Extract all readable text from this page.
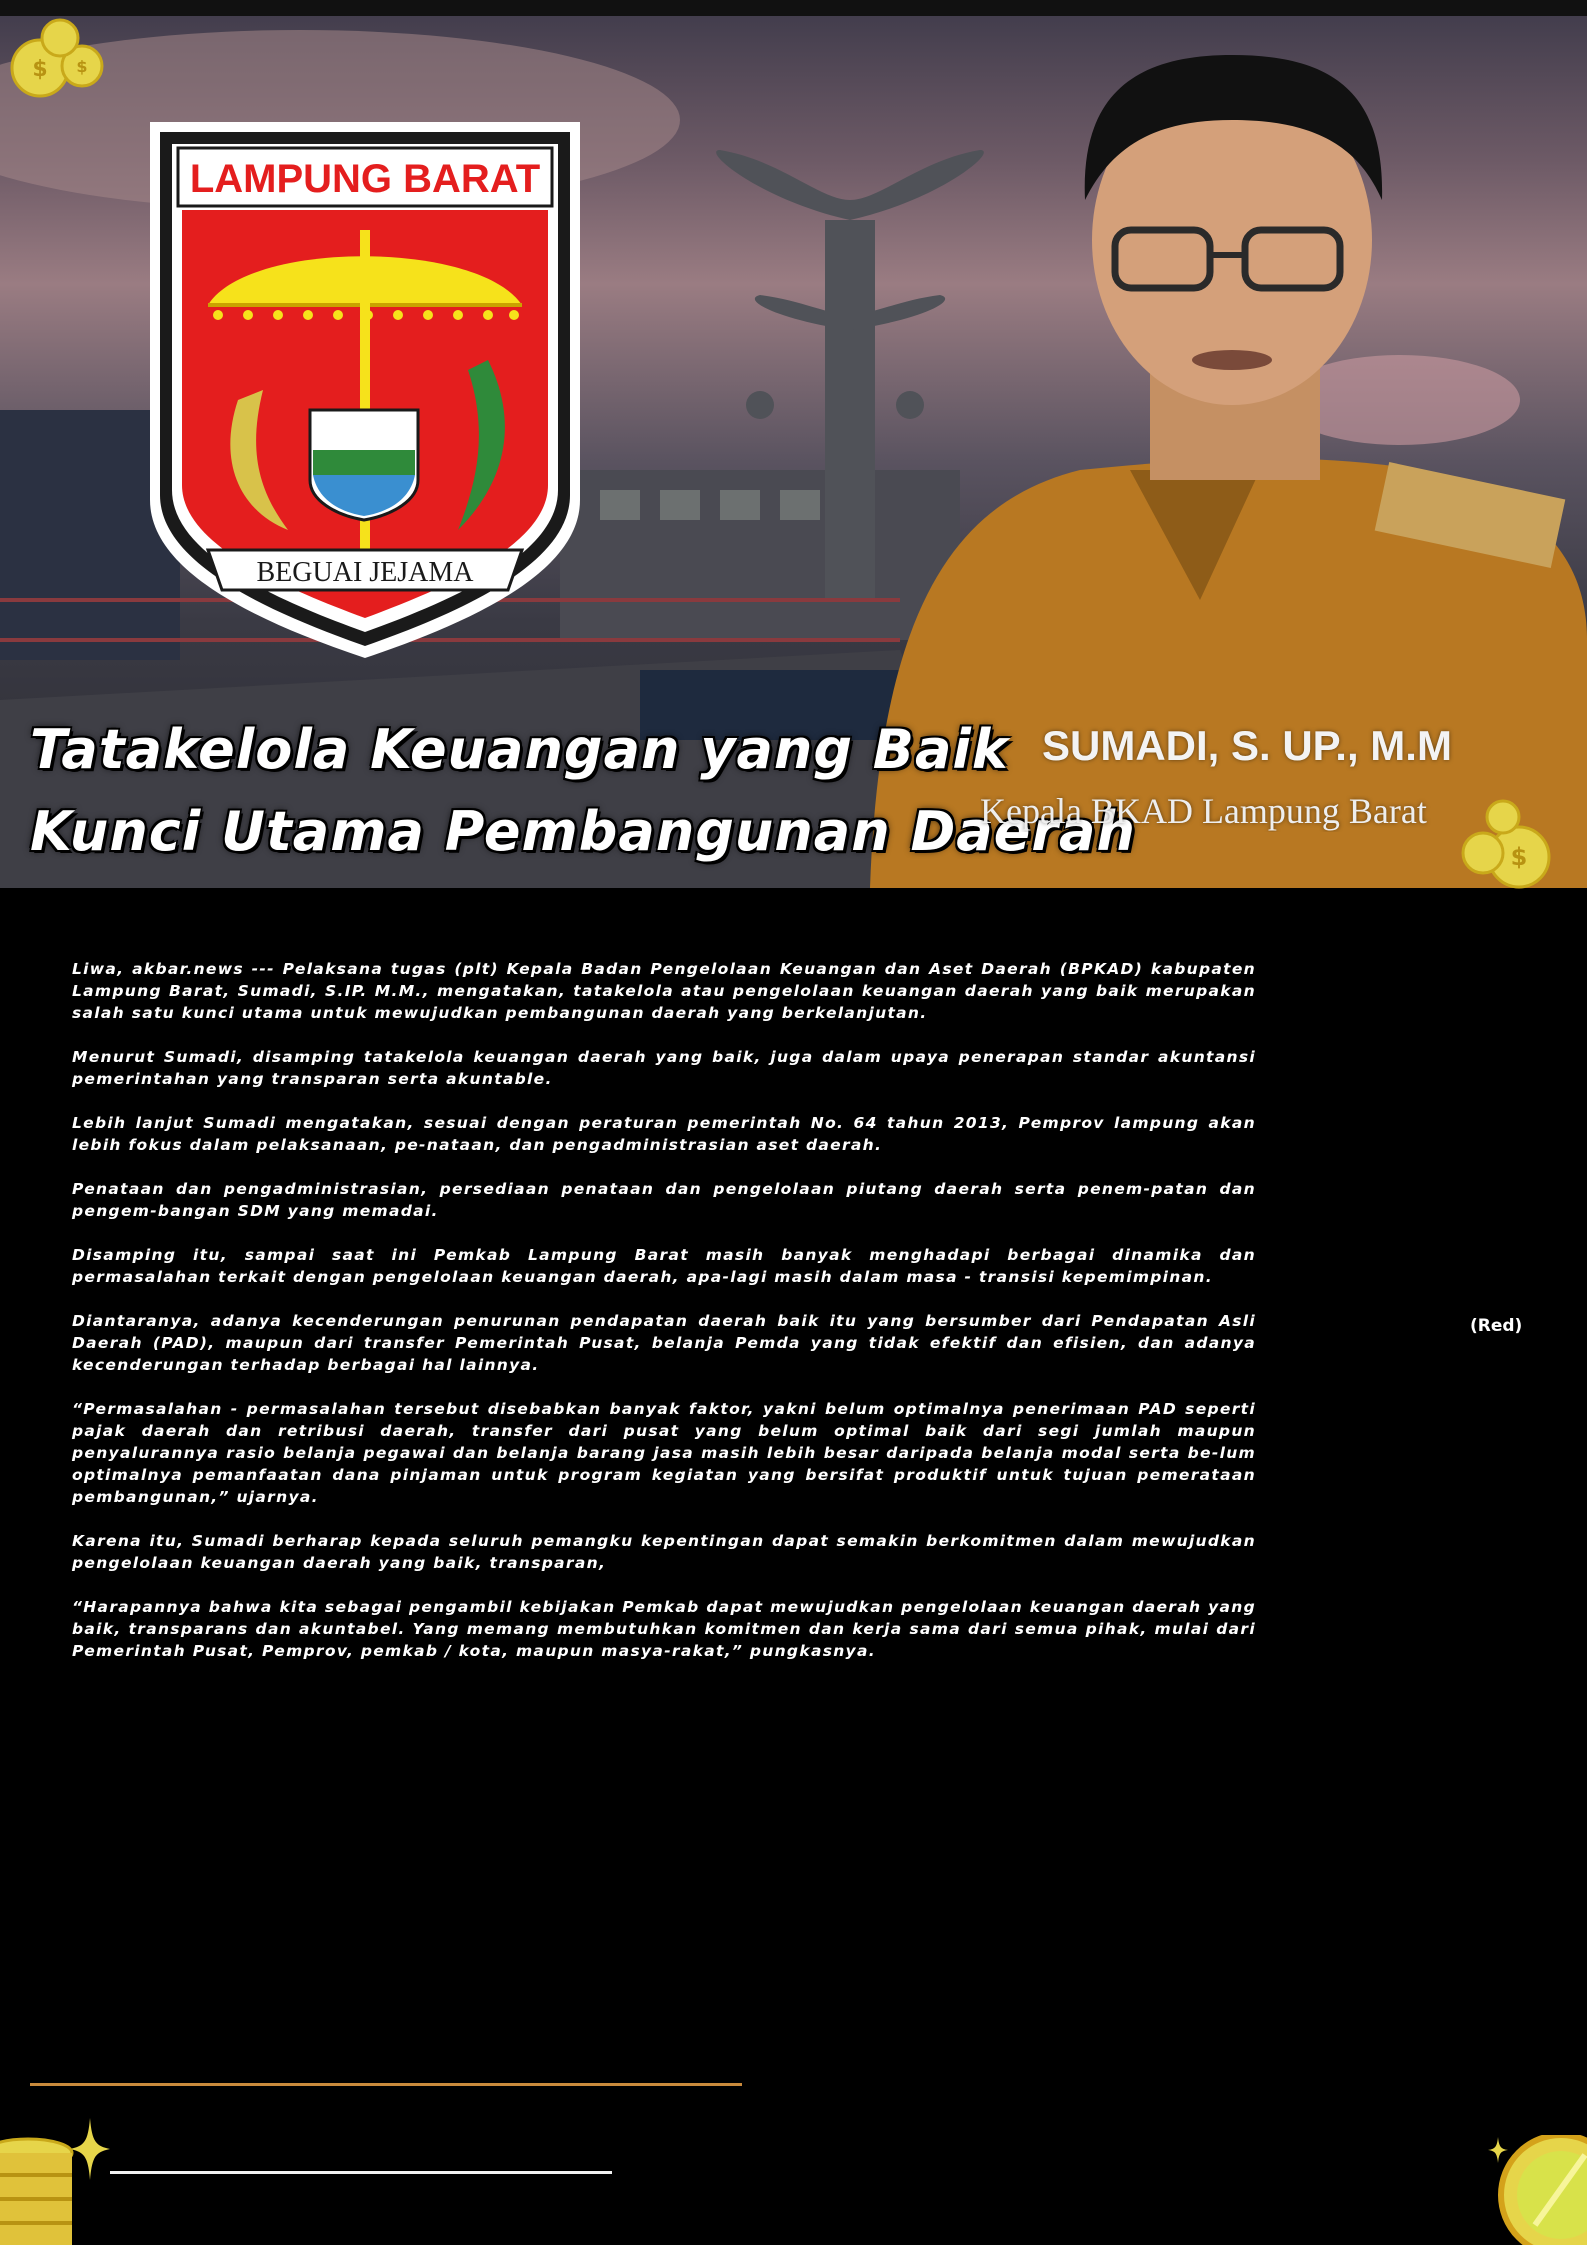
LAMPUNG BARAT
BEGUAI JEJAMA
Tatakelola Keuangan yang Baik
Kunci Utama Pembangunan Daerah
SUMADI, S. UP., M.M
Kepala BKAD Lampung Barat
$ $
$

Liwa, akbar.news --- Pelaksana tugas (plt) Kepala Badan Pengelolaan Keuangan dan Aset Daerah (BPKAD) kabupaten Lampung Barat, Sumadi, S.IP. M.M., mengatakan, tatakelola atau pengelolaan keuangan daerah yang baik merupakan salah satu kunci utama untuk mewujudkan pembangunan daerah yang berkelanjutan.

Menurut Sumadi, disamping tatakelola keuangan daerah yang baik, juga dalam upaya penerapan standar akuntansi pemerintahan yang transparan serta akuntable.

Lebih lanjut Sumadi mengatakan, sesuai dengan peraturan pemerintah No. 64 tahun 2013, Pemprov lampung akan lebih fokus dalam pelaksanaan, pe-nataan, dan pengadministrasian aset daerah.

Penataan dan pengadministrasian, persediaan penataan dan pengelolaan piutang daerah serta penem-patan dan pengem-bangan SDM yang memadai.

Disamping itu, sampai saat ini Pemkab Lampung Barat masih banyak menghadapi berbagai dinamika dan permasalahan terkait dengan pengelolaan keuangan daerah, apa-lagi masih dalam masa - transisi kepemimpinan.

Diantaranya, adanya kecenderungan penurunan pendapatan daerah baik itu yang bersumber dari Pendapatan Asli Daerah (PAD), maupun dari transfer Pemerintah Pusat, belanja Pemda yang tidak efektif dan efisien, dan adanya kecenderungan terhadap berbagai hal lainnya.

“Permasalahan - permasalahan tersebut disebabkan banyak faktor, yakni belum optimalnya penerimaan PAD seperti pajak daerah dan retribusi daerah, transfer dari pusat yang belum optimal baik dari segi jumlah maupun penyalurannya rasio belanja pegawai dan belanja barang jasa masih lebih besar daripada belanja modal serta be-lum optimalnya pemanfaatan dana pinjaman untuk program kegiatan yang bersifat produktif untuk tujuan pemerataan pembangunan,” ujarnya.

Karena itu, Sumadi berharap kepada seluruh pemangku kepentingan dapat semakin berkomitmen dalam mewujudkan pengelolaan keuangan daerah yang baik, transparan,

“Harapannya bahwa kita sebagai pengambil kebijakan Pemkab dapat mewujudkan pengelolaan keuangan daerah yang baik, transparans dan akuntabel. Yang memang membutuhkan komitmen dan kerja sama dari semua pihak, mulai dari Pemerintah Pusat, Pemprov, pemkab / kota, maupun masya-rakat,” pungkasnya.

(Red)
